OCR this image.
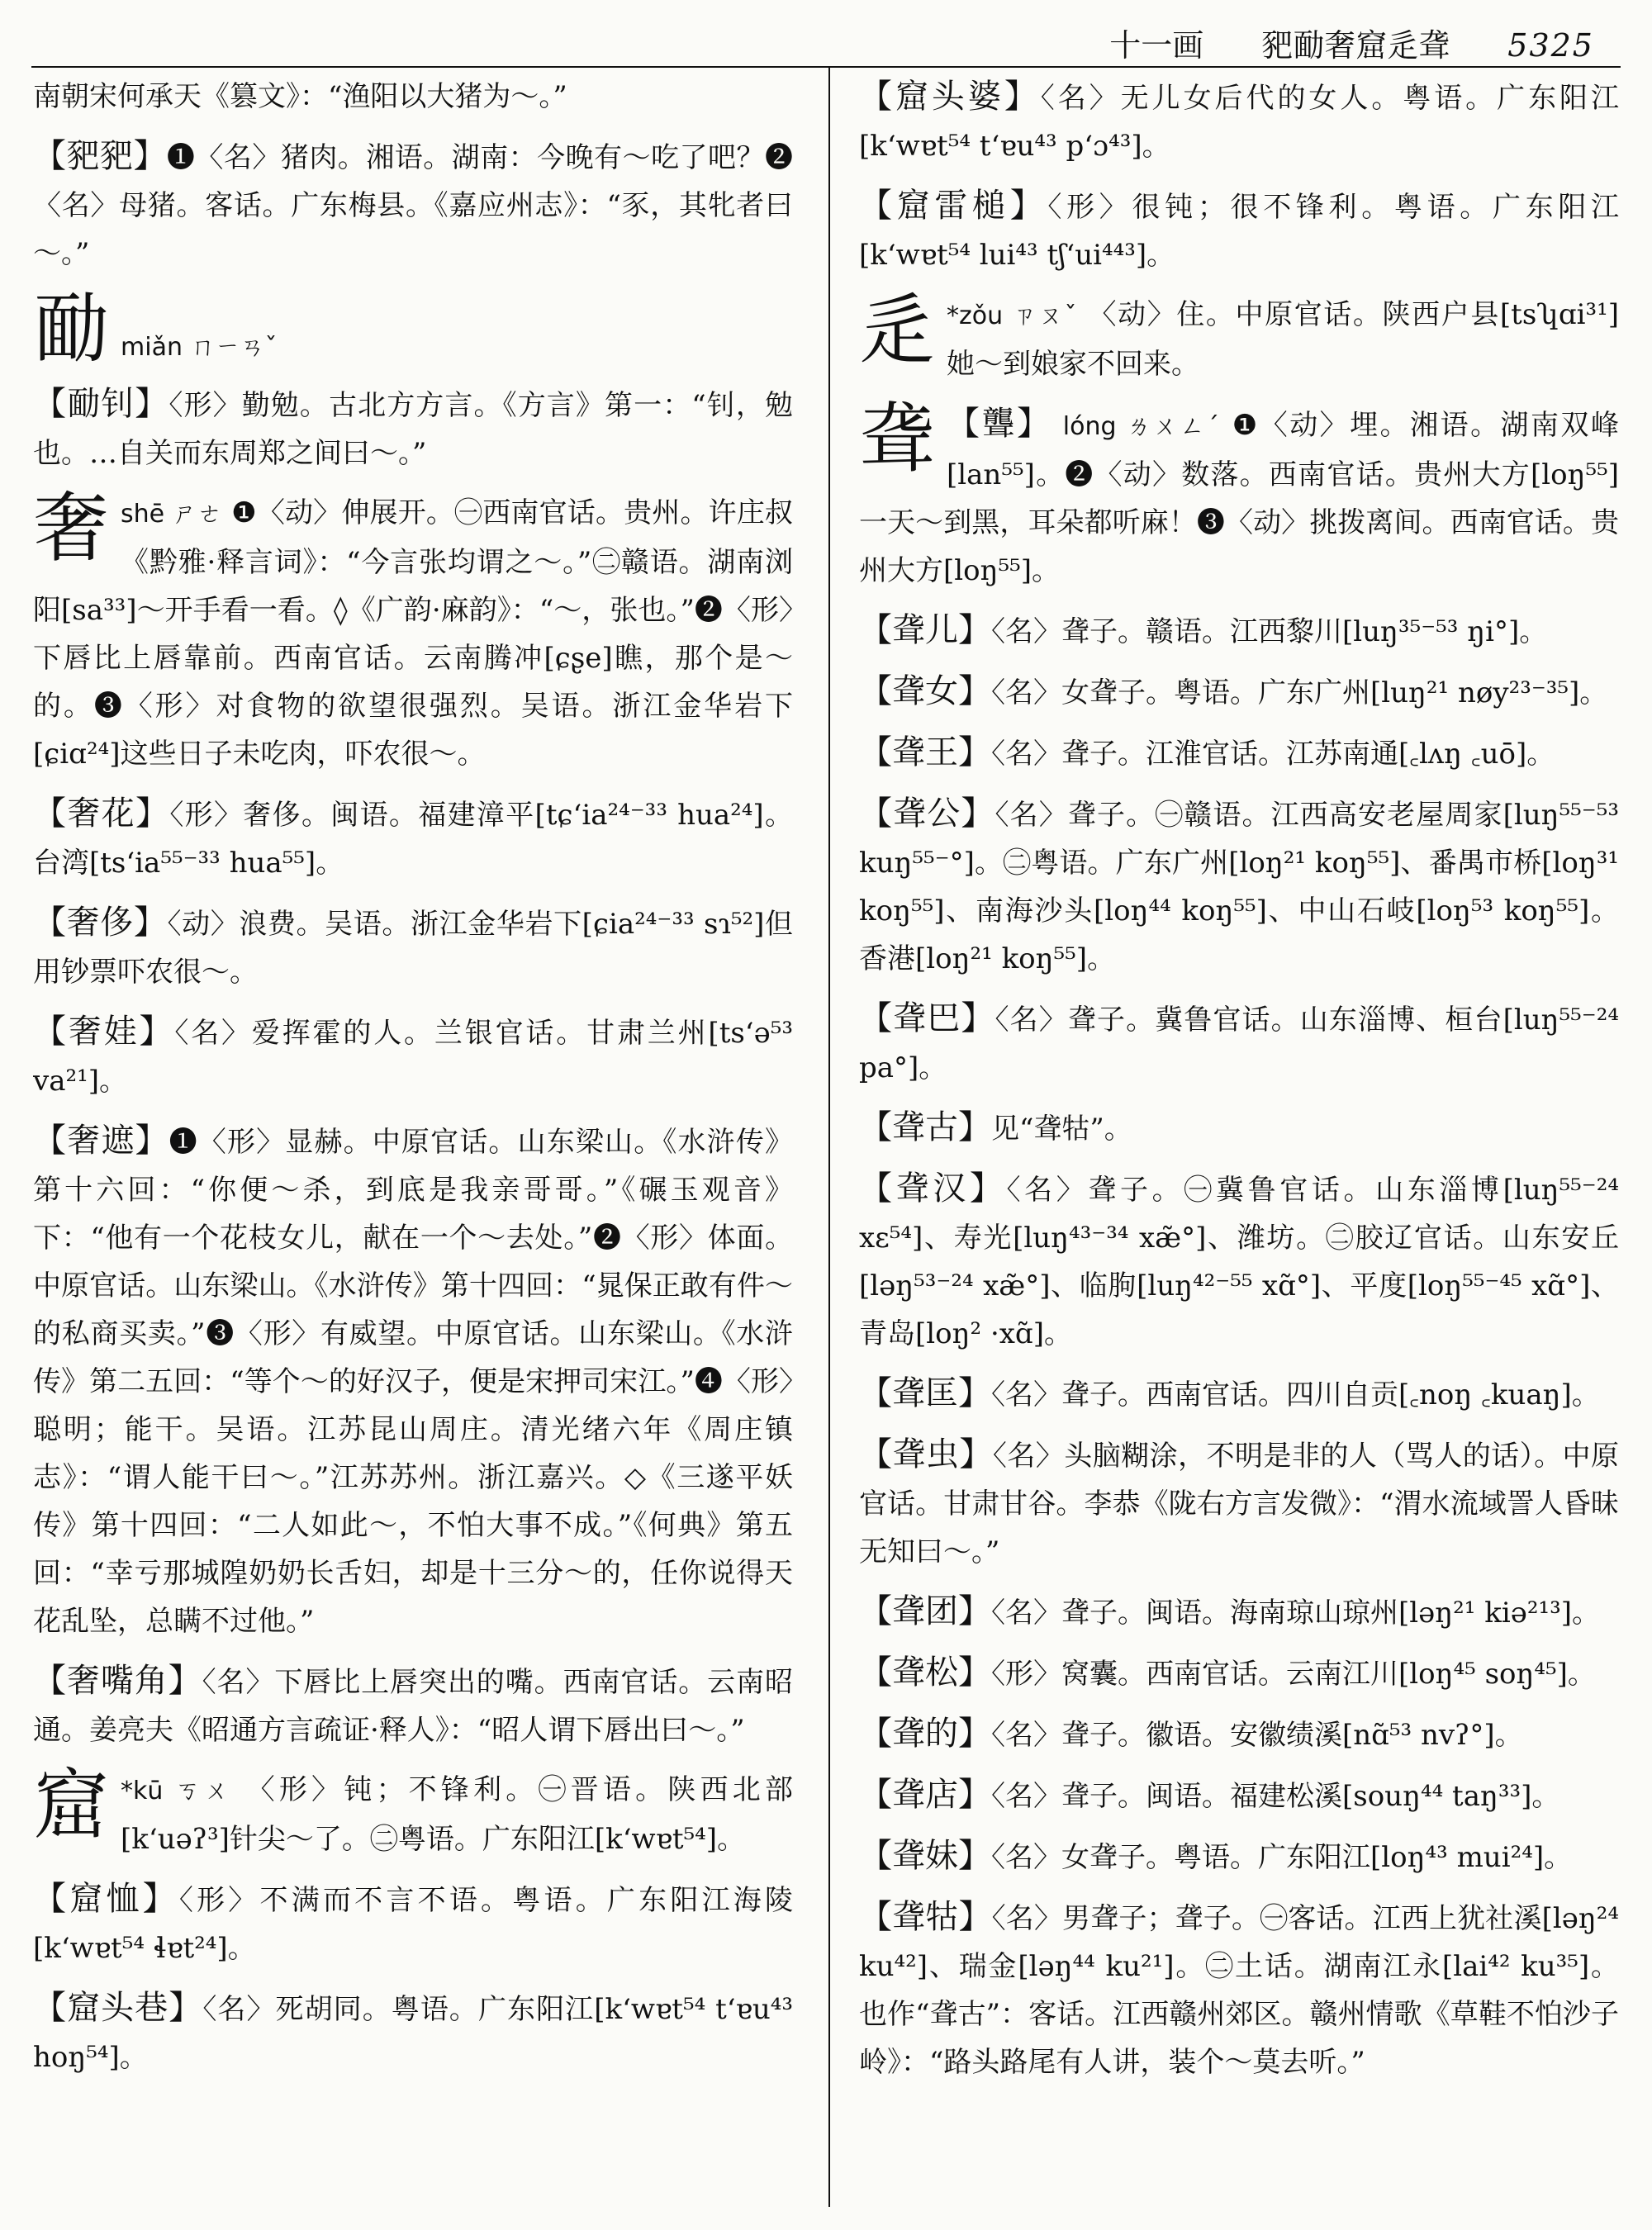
十一画 豝勔奢窟辵聋 5325
南朝宋何承天《篡文》：“渔阳以大猪为～。”
【豝豝】❶〈名〉猪肉。湘语。湖南：今晚有～吃了吧？❷〈名〉母猪。客话。广东梅县。《嘉应州志》：“豕，其牝者曰～。”
勔 miǎn ㄇㄧㄢˇ
【勔钊】〈形〉勤勉。古北方方言。《方言》第一：“钊，勉也。…自关而东周郑之间曰～。”
奢 shē ㄕㄜ ❶〈动〉伸展开。㊀西南官话。贵州。许庄叔《黔雅·释言词》：“今言张均谓之～。”㊁赣语。湖南浏阳[sa³³]～开手看一看。◊《广韵·麻韵》：“～，张也。”❷〈形〉下唇比上唇靠前。西南官话。云南腾冲[ɕʂe]瞧，那个是～的。❸〈形〉对食物的欲望很强烈。吴语。浙江金华岩下[ɕiɑ²⁴]这些日子未吃肉，吓农很～。
【奢花】〈形〉奢侈。闽语。福建漳平[tɕʻia²⁴⁻³³ hua²⁴]。台湾[tsʻia⁵⁵⁻³³ hua⁵⁵]。
【奢侈】〈动〉浪费。吴语。浙江金华岩下[ɕia²⁴⁻³³ sɿ⁵²]但用钞票吓农很～。
【奢娃】〈名〉爱挥霍的人。兰银官话。甘肃兰州[tsʻə⁵³ va²¹]。
【奢遮】❶〈形〉显赫。中原官话。山东梁山。《水浒传》第十六回：“你便～杀，到底是我亲哥哥。”《碾玉观音》下：“他有一个花枝女儿，献在一个～去处。”❷〈形〉体面。中原官话。山东梁山。《水浒传》第十四回：“晁保正敢有件～的私商买卖。”❸〈形〉有威望。中原官话。山东梁山。《水浒传》第二五回：“等个～的好汉子，便是宋押司宋江。”❹〈形〉聪明；能干。吴语。江苏昆山周庄。清光绪六年《周庄镇志》：“谓人能干曰～。”江苏苏州。浙江嘉兴。◇《三遂平妖传》第十四回：“二人如此～，不怕大事不成。”《何典》第五回：“幸亏那城隍奶奶长舌妇，却是十三分～的，任你说得天花乱坠，总瞒不过他。”
【奢嘴角】〈名〉下唇比上唇突出的嘴。西南官话。云南昭通。姜亮夫《昭通方言疏证·释人》：“昭人谓下唇出曰～。”
窟 *kū ㄎㄨ 〈形〉钝；不锋利。㊀晋语。陕西北部[kʻuəʔ³]针尖～了。㊁粤语。广东阳江[kʻwɐt⁵⁴]。
【窟恤】〈形〉不满而不言不语。粤语。广东阳江海陵[kʻwɐt⁵⁴ ɬɐt²⁴]。
【窟头巷】〈名〉死胡同。粤语。广东阳江[kʻwɐt⁵⁴ tʻɐu⁴³ hoŋ⁵⁴]。
【窟头婆】〈名〉无儿女后代的女人。粤语。广东阳江[kʻwɐt⁵⁴ tʻɐu⁴³ pʻɔ⁴³]。
【窟雷槌】〈形〉很钝；很不锋利。粤语。广东阳江[kʻwɐt⁵⁴ lui⁴³ tʃʻui⁴⁴³]。
辵 *zǒu ㄗㄡˇ 〈动〉住。中原官话。陕西户县[tsʮɑi³¹]她～到娘家不回来。
聋 【聾】 lóng ㄌㄨㄥˊ ❶〈动〉埋。湘语。湖南双峰[lan⁵⁵]。❷〈动〉数落。西南官话。贵州大方[loŋ⁵⁵]一天～到黑，耳朵都听麻！❸〈动〉挑拨离间。西南官话。贵州大方[loŋ⁵⁵]。
【聋儿】〈名〉聋子。赣语。江西黎川[luŋ³⁵⁻⁵³ ŋi°]。
【聋女】〈名〉女聋子。粤语。广东广州[luŋ²¹ nøy²³⁻³⁵]。
【聋王】〈名〉聋子。江淮官话。江苏南通[꜀lʌŋ ꜀uō]。
【聋公】〈名〉聋子。㊀赣语。江西高安老屋周家[luŋ⁵⁵⁻⁵³ kuŋ⁵⁵⁻°]。㊁粤语。广东广州[loŋ²¹ koŋ⁵⁵]、番禺市桥[loŋ³¹ koŋ⁵⁵]、南海沙头[loŋ⁴⁴ koŋ⁵⁵]、中山石岐[loŋ⁵³ koŋ⁵⁵]。香港[loŋ²¹ koŋ⁵⁵]。
【聋巴】〈名〉聋子。冀鲁官话。山东淄博、桓台[luŋ⁵⁵⁻²⁴ pa°]。
【聋古】见“聋牯”。
【聋汉】〈名〉聋子。㊀冀鲁官话。山东淄博[luŋ⁵⁵⁻²⁴ xɛ⁵⁴]、寿光[luŋ⁴³⁻³⁴ xæ̃°]、潍坊。㊁胶辽官话。山东安丘[ləŋ⁵³⁻²⁴ xæ̃°]、临朐[luŋ⁴²⁻⁵⁵ xɑ̃°]、平度[loŋ⁵⁵⁻⁴⁵ xɑ̃°]、青岛[loŋ² ·xɑ̃]。
【聋匡】〈名〉聋子。西南官话。四川自贡[꜀noŋ ꜀kuaŋ]。
【聋虫】〈名〉头脑糊涂，不明是非的人（骂人的话）。中原官话。甘肃甘谷。李恭《陇右方言发微》：“渭水流域詈人昏昧无知曰～。”
【聋团】〈名〉聋子。闽语。海南琼山琼州[ləŋ²¹ kiə²¹³]。
【聋松】〈形〉窝囊。西南官话。云南江川[loŋ⁴⁵ soŋ⁴⁵]。
【聋的】〈名〉聋子。徽语。安徽绩溪[nɑ̃⁵³ nvʔ°]。
【聋店】〈名〉聋子。闽语。福建松溪[souŋ⁴⁴ taŋ³³]。
【聋妹】〈名〉女聋子。粤语。广东阳江[loŋ⁴³ mui²⁴]。
【聋牯】〈名〉男聋子；聋子。㊀客话。江西上犹社溪[ləŋ²⁴ ku⁴²]、瑞金[ləŋ⁴⁴ ku²¹]。㊁土话。湖南江永[lai⁴² ku³⁵]。也作“聋古”：客话。江西赣州郊区。赣州情歌《草鞋不怕沙子岭》：“路头路尾有人讲，装个～莫去听。”
